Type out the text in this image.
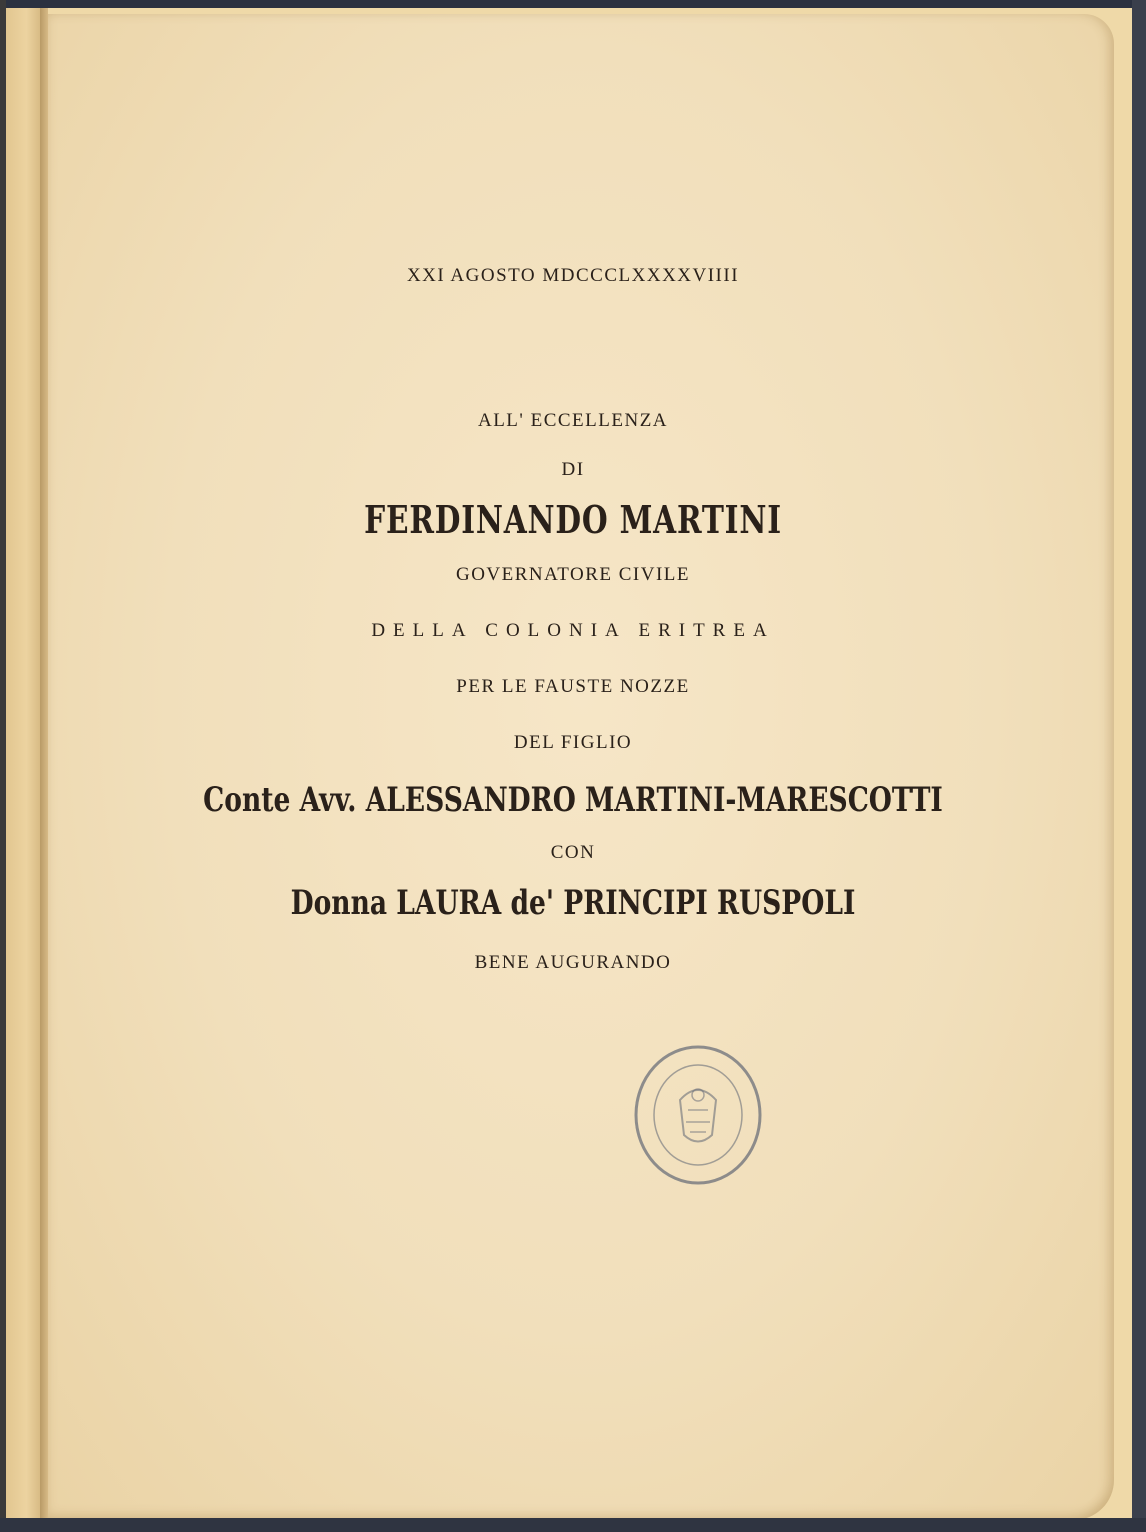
XXI AGOSTO MDCCCLXXXXVIIII

ALL' ECCELLENZA

DI

FERDINANDO MARTINI

GOVERNATORE CIVILE

DELLA COLONIA ERITREA

PER LE FAUSTE NOZZE

DEL FIGLIO

Conte Avv. ALESSANDRO MARTINI-MARESCOTTI

CON

Donna LAURA de' PRINCIPI RUSPOLI

BENE AUGURANDO
